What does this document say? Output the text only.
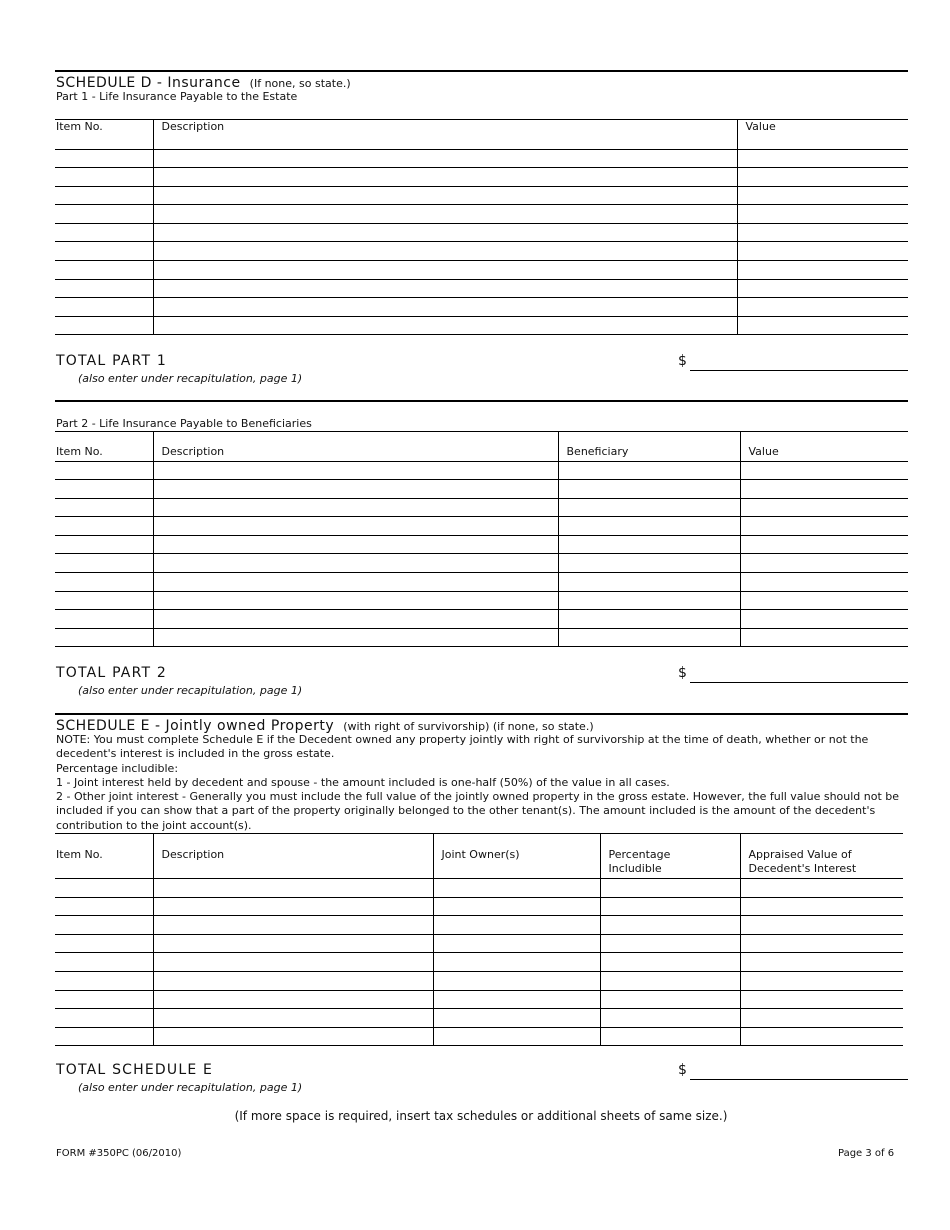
SCHEDULE D - Insurance (If none, so state.)
Part 1 - Life Insurance Payable to the Estate
Item No.	Description	Value

TOTAL PART 1	$
(also enter under recapitulation, page 1)
Part 2 - Life Insurance Payable to Beneficiaries
Item No.	Description	Beneficiary	Value

TOTAL PART 2	$
(also enter under recapitulation, page 1)
SCHEDULE E - Jointly owned Property (with right of survivorship) (if none, so state.)
NOTE: You must complete Schedule E if the Decedent owned any property jointly with right of survivorship at the time of death, whether or not the decedent's interest is included in the gross estate.
Percentage includible:
1 - Joint interest held by decedent and spouse - the amount included is one-half (50%) of the value in all cases.
2 - Other joint interest - Generally you must include the full value of the jointly owned property in the gross estate. However, the full value should not be included if you can show that a part of the property originally belonged to the other tenant(s). The amount included is the amount of the decedent's contribution to the joint account(s).
Item No.	Description	Joint Owner(s)	Percentage Includible	Appraised Value of Decedent's Interest

TOTAL SCHEDULE E	$
(also enter under recapitulation, page 1)
(If more space is required, insert tax schedules or additional sheets of same size.)
FORM #350PC (06/2010)	Page 3 of 6
